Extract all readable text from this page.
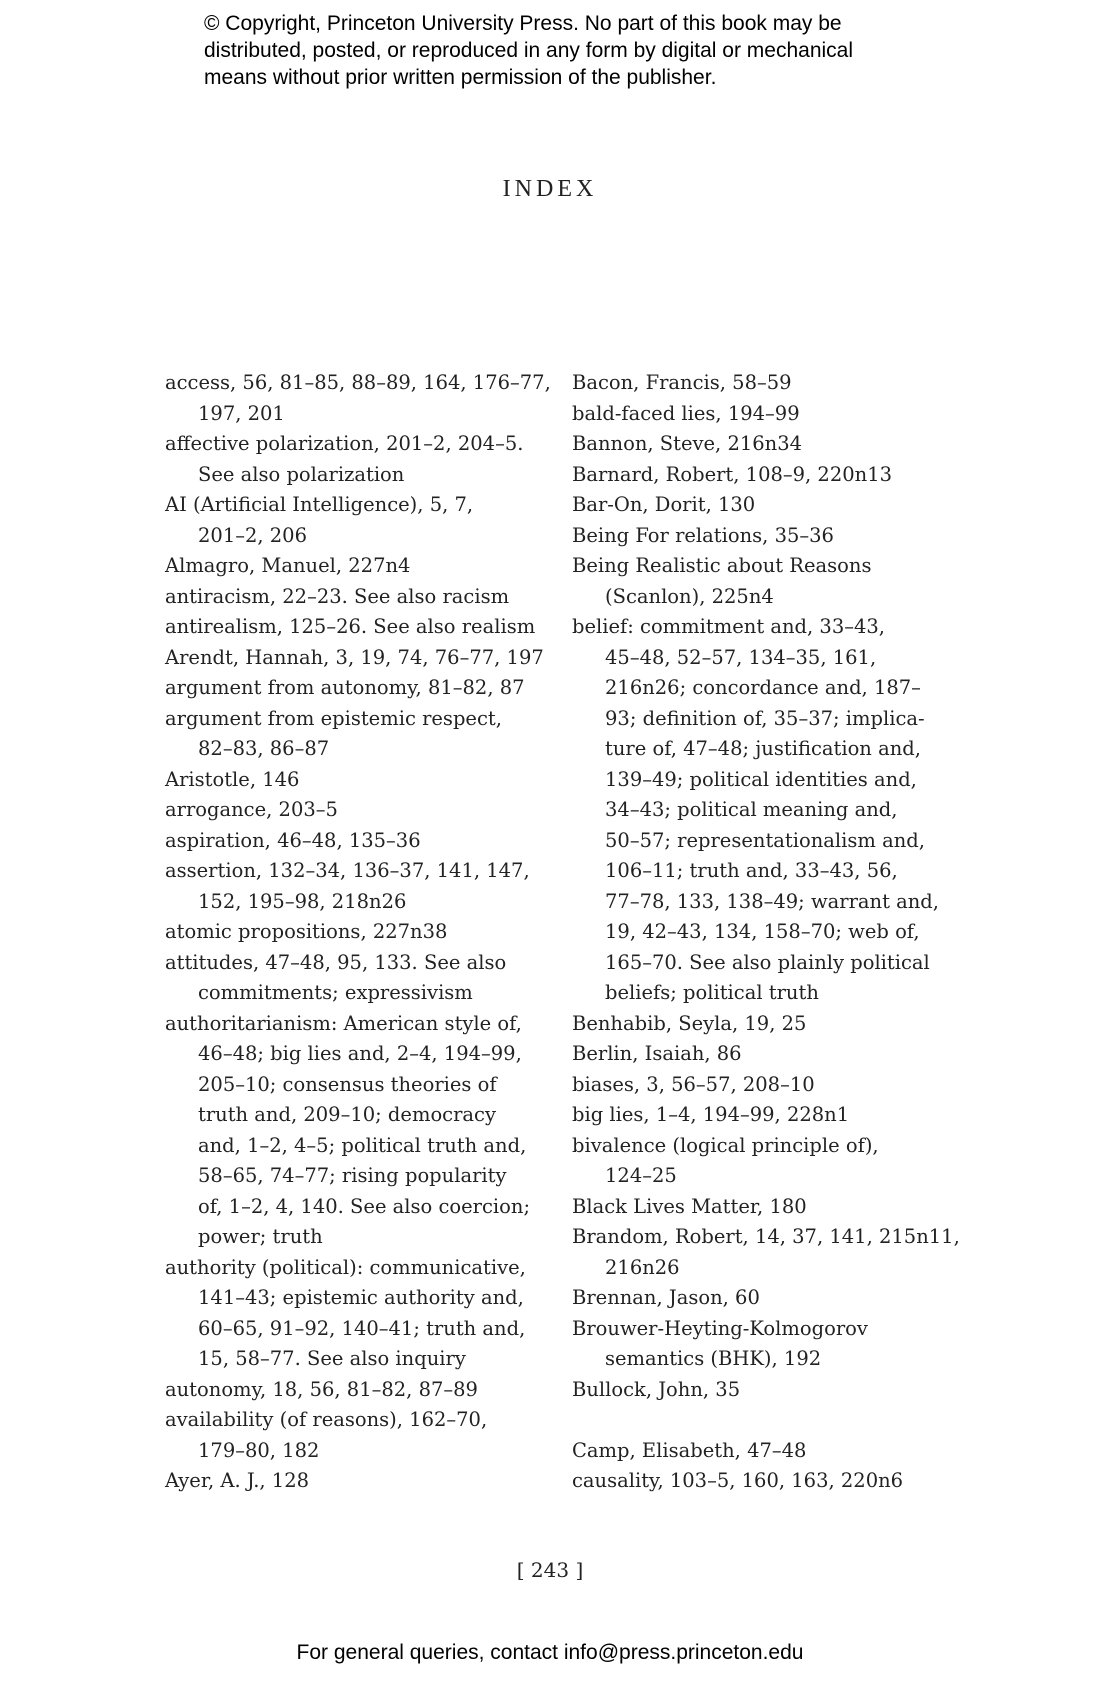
© Copyright, Princeton University Press. No part of this book may be
distributed, posted, or reproduced in any form by digital or mechanical
means without prior written permission of the publisher.
INDEX
access, 56, 81–85, 88–89, 164, 176–77,
197, 201
affective polarization, 201–2, 204–5.
See also polarization
AI (Artificial Intelligence), 5, 7,
201–2, 206
Almagro, Manuel, 227n4
antiracism, 22–23. See also racism
antirealism, 125–26. See also realism
Arendt, Hannah, 3, 19, 74, 76–77, 197
argument from autonomy, 81–82, 87
argument from epistemic respect,
82–83, 86–87
Aristotle, 146
arrogance, 203–5
aspiration, 46–48, 135–36
assertion, 132–34, 136–37, 141, 147,
152, 195–98, 218n26
atomic propositions, 227n38
attitudes, 47–48, 95, 133. See also
commitments; expressivism
authoritarianism: American style of,
46–48; big lies and, 2–4, 194–99,
205–10; consensus theories of
truth and, 209–10; democracy
and, 1–2, 4–5; political truth and,
58–65, 74–77; rising popularity
of, 1–2, 4, 140. See also coercion;
power; truth
authority (political): communicative,
141–43; epistemic authority and,
60–65, 91–92, 140–41; truth and,
15, 58–77. See also inquiry
autonomy, 18, 56, 81–82, 87–89
availability (of reasons), 162–70,
179–80, 182
Ayer, A. J., 128
Bacon, Francis, 58–59
bald-faced lies, 194–99
Bannon, Steve, 216n34
Barnard, Robert, 108–9, 220n13
Bar-On, Dorit, 130
Being For relations, 35–36
Being Realistic about Reasons
(Scanlon), 225n4
belief: commitment and, 33–43,
45–48, 52–57, 134–35, 161,
216n26; concordance and, 187–
93; definition of, 35–37; implica-
ture of, 47–48; justification and,
139–49; political identities and,
34–43; political meaning and,
50–57; representationalism and,
106–11; truth and, 33–43, 56,
77–78, 133, 138–49; warrant and,
19, 42–43, 134, 158–70; web of,
165–70. See also plainly political
beliefs; political truth
Benhabib, Seyla, 19, 25
Berlin, Isaiah, 86
biases, 3, 56–57, 208–10
big lies, 1–4, 194–99, 228n1
bivalence (logical principle of),
124–25
Black Lives Matter, 180
Brandom, Robert, 14, 37, 141, 215n11,
216n26
Brennan, Jason, 60
Brouwer-Heyting-Kolmogorov
semantics (BHK), 192
Bullock, John, 35
Camp, Elisabeth, 47–48
causality, 103–5, 160, 163, 220n6
[ 243 ]
For general queries, contact info@press.princeton.edu
